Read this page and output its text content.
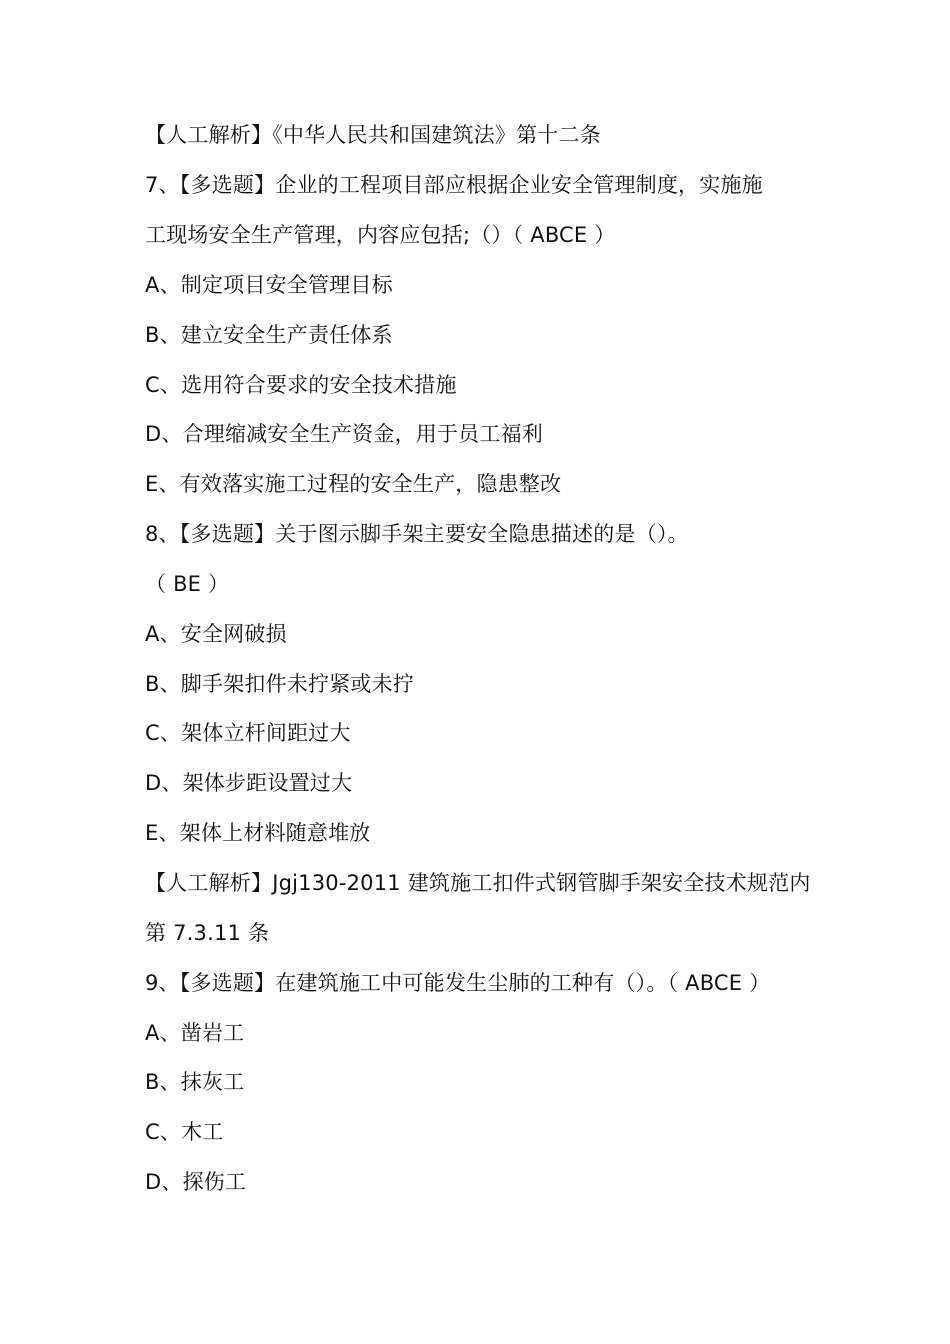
【人工解析】《中华人民共和国建筑法》第十二条
7、【多选题】企业的工程项目部应根据企业安全管理制度，实施施
工现场安全生产管理，内容应包括;（）（ ABCE ）
A、制定项目安全管理目标
B、建立安全生产责任体系
C、选用符合要求的安全技术措施
D、合理缩减安全生产资金，用于员工福利
E、有效落实施工过程的安全生产，隐患整改
8、【多选题】关于图示脚手架主要安全隐患描述的是（）。
（ BE ）
A、安全网破损
B、脚手架扣件未拧紧或未拧
C、架体立杆间距过大
D、架体步距设置过大
E、架体上材料随意堆放
【人工解析】Jgj130-2011 建筑施工扣件式钢管脚手架安全技术规范内
第 7.3.11 条
9、【多选题】在建筑施工中可能发生尘肺的工种有（）。（ ABCE ）
A、凿岩工
B、抹灰工
C、木工
D、探伤工
